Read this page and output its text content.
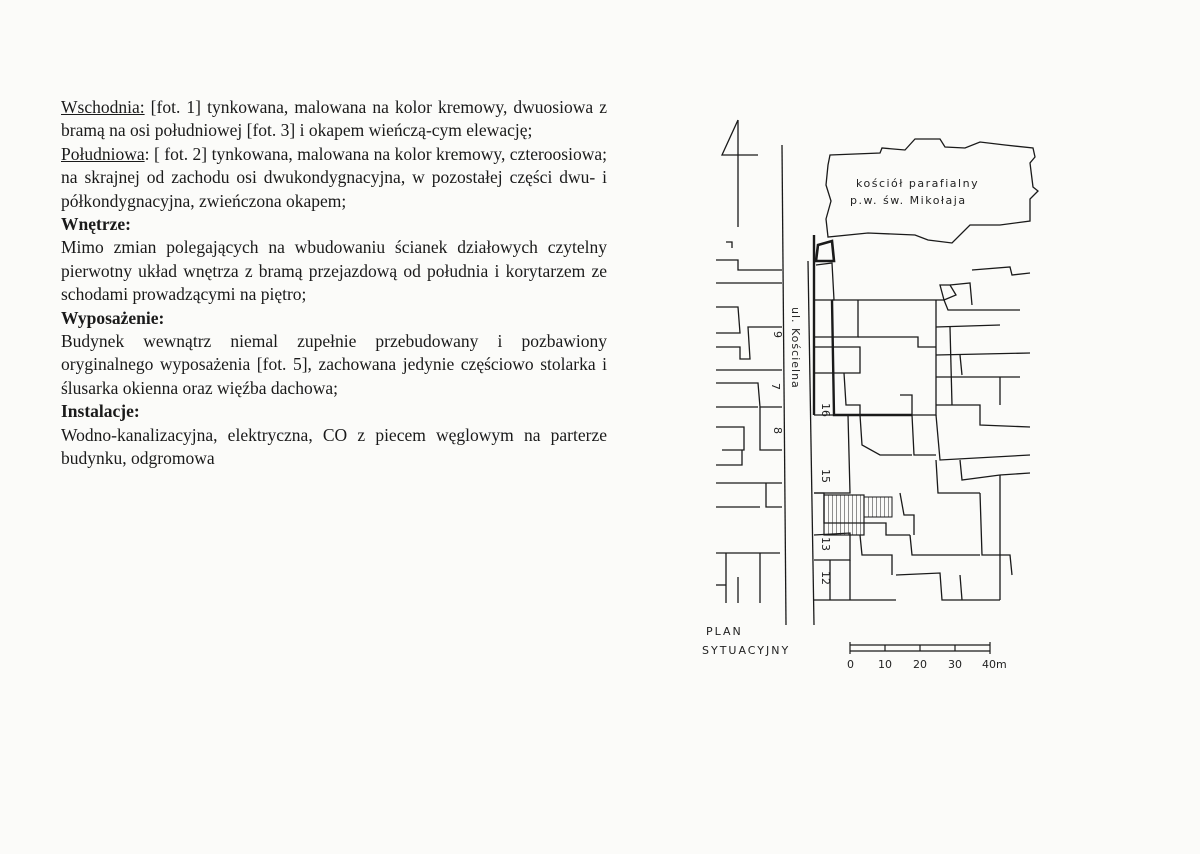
Wschodnia: [fot. 1] tynkowana, malowana na kolor kremowy, dwuosiowa z bramą na osi południowej [fot. 3] i okapem wieńczą-cym elewację;

Południowa: [ fot. 2] tynkowana, malowana na kolor kremowy, czteroosiowa; na skrajnej od zachodu osi dwukondygnacyjna, w pozostałej części dwu- i półkondygnacyjna, zwieńczona okapem;

Wnętrze:

Mimo zmian polegających na wbudowaniu ścianek działowych czytelny pierwotny układ wnętrza z bramą przejazdową od południa i korytarzem ze schodami prowadzącymi na piętro;

Wyposażenie:

Budynek wewnątrz niemal zupełnie przebudowany i pozbawiony oryginalnego wyposażenia [fot. 5], zachowana jedynie częściowo stolarka i ślusarka okienna oraz więźba dachowa;

Instalacje:

Wodno-kanalizacyjna, elektryczna, CO z piecem węglowym na parterze budynku, odgromowa

kościół parafialny
p.w. św. Mikołaja
ul. Kościelna
9
7
8
16
15
13
12
PLAN
SYTUACYJNY
0 10 20 30 40m
